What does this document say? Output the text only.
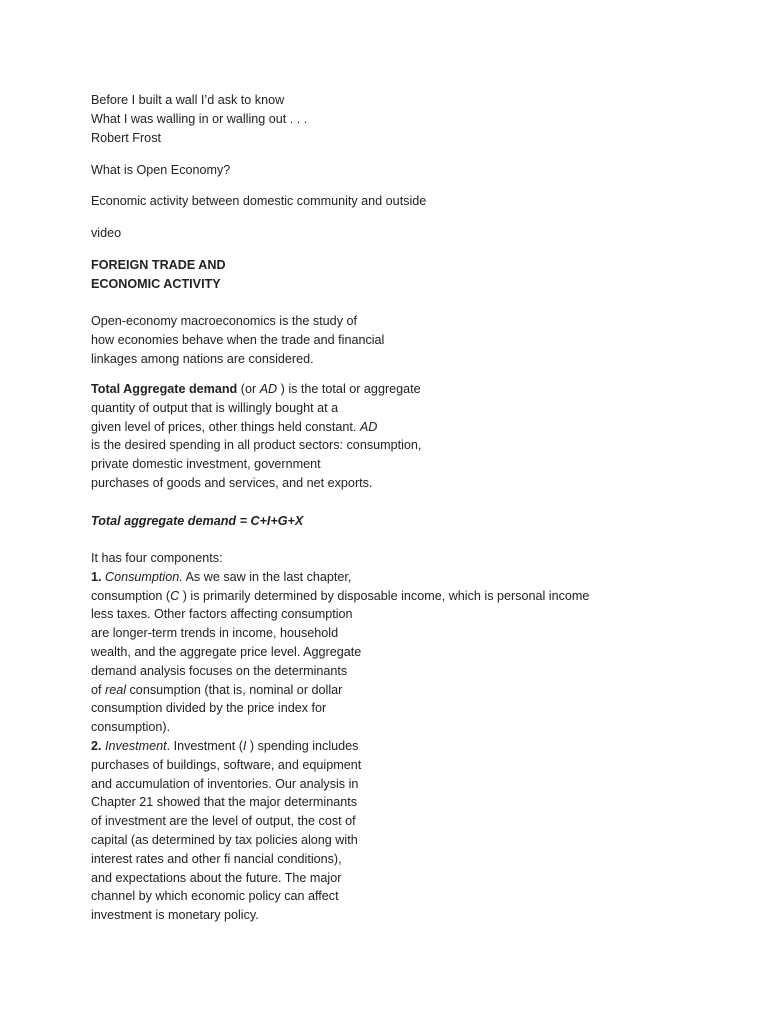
Before I built a wall I’d ask to know
What I was walling in or walling out . . .
Robert Frost
What is Open Economy?
Economic activity between domestic community and outside
video
FOREIGN TRADE AND
ECONOMIC ACTIVITY
Open-economy macroeconomics is the study of
how economies behave when the trade and financial
linkages among nations are considered.
Total Aggregate demand (or AD ) is the total or aggregate
quantity of output that is willingly bought at a
given level of prices, other things held constant. AD
is the desired spending in all product sectors: consumption,
private domestic investment, government
purchases of goods and services, and net exports.
Total aggregate demand = C+I+G+X
It has four components:
1. Consumption. As we saw in the last chapter,
consumption (C ) is primarily determined by disposable income, which is personal income
less taxes. Other factors affecting consumption
are longer-term trends in income, household
wealth, and the aggregate price level. Aggregate
demand analysis focuses on the determinants
of real consumption (that is, nominal or dollar
consumption divided by the price index for
consumption).
2. Investment. Investment (I ) spending includes
purchases of buildings, software, and equipment
and accumulation of inventories. Our analysis in
Chapter 21 showed that the major determinants
of investment are the level of output, the cost of
capital (as determined by tax policies along with
interest rates and other fi nancial conditions),
and expectations about the future. The major
channel by which economic policy can affect
investment is monetary policy.
